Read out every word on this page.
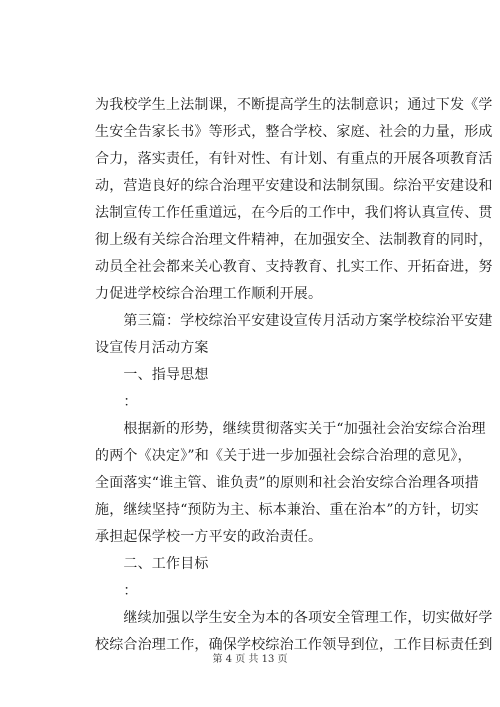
为我校学生上法制课，不断提高学生的法制意识；通过下发《学
生安全告家长书》等形式，整合学校、家庭、社会的力量，形成
合力，落实责任，有针对性、有计划、有重点的开展各项教育活
动，营造良好的综合治理平安建设和法制氛围。综治平安建设和
法制宣传工作任重道远，在今后的工作中，我们将认真宣传、贯
彻上级有关综合治理文件精神，在加强安全、法制教育的同时，
动员全社会都来关心教育、支持教育、扎实工作、开拓奋进，努
力促进学校综合治理工作顺利开展。
　　第三篇：学校综治平安建设宣传月活动方案学校综治平安建
设宣传月活动方案
　　一、指导思想
　　：
　　根据新的形势，继续贯彻落实关于“加强社会治安综合治理
的两个《决定》”和《关于进一步加强社会综合治理的意见》，
全面落实“谁主管、谁负责”的原则和社会治安综合治理各项措
施，继续坚持“预防为主、标本兼治、重在治本”的方针，切实
承担起保学校一方平安的政治责任。
　　二、工作目标
　　：
　　继续加强以学生安全为本的各项安全管理工作，切实做好学
校综合治理工作，确保学校综治工作领导到位，工作目标责任到
第 4 页 共 13 页
